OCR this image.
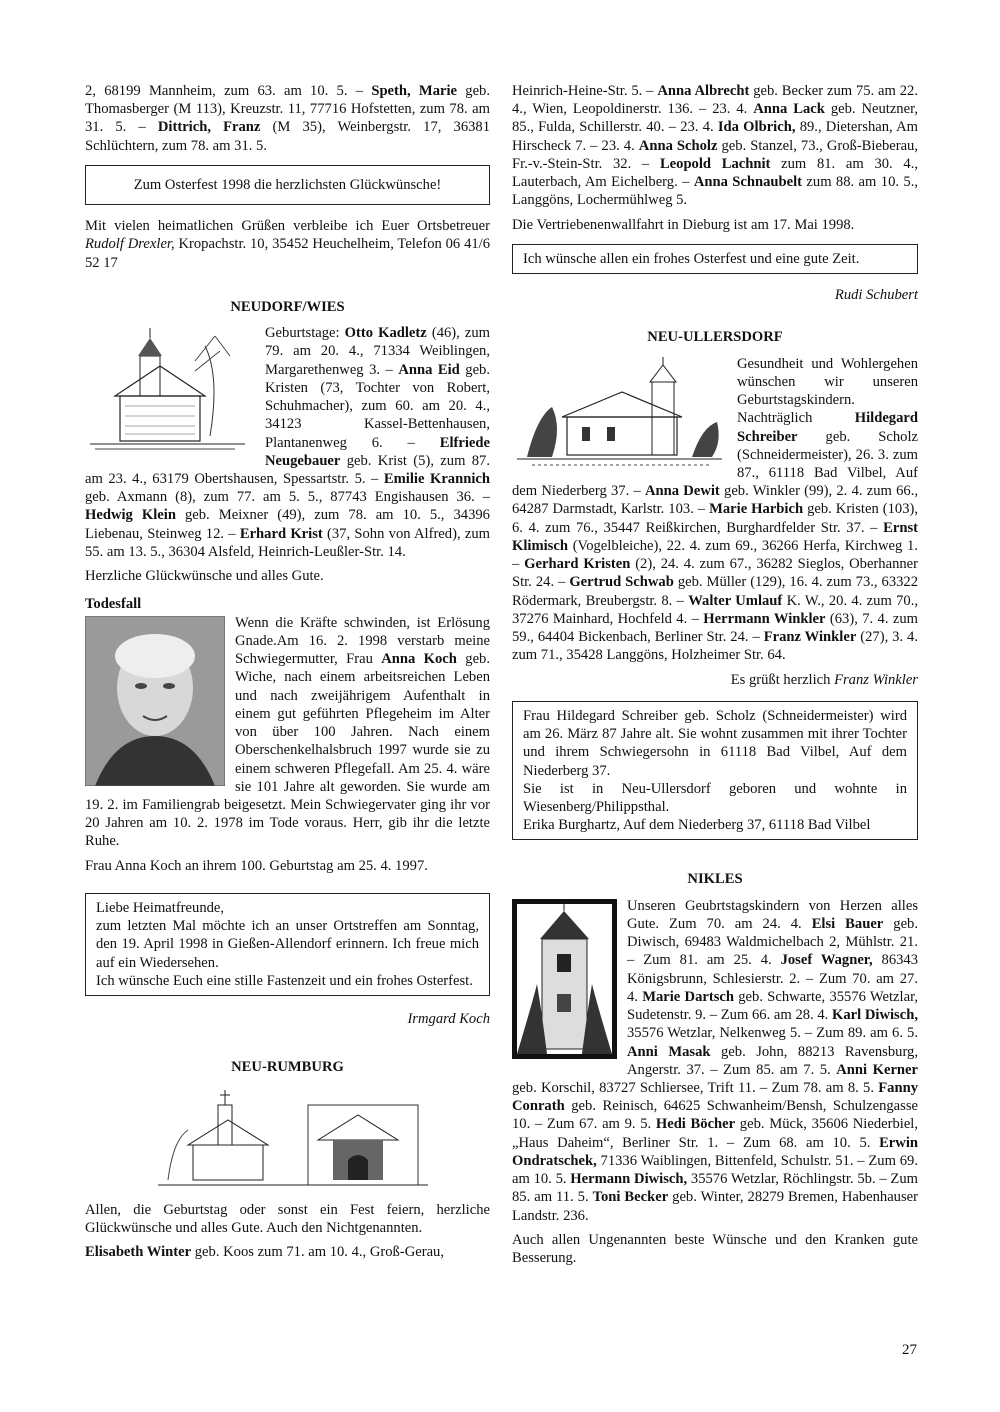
2, 68199 Mannheim, zum 63. am 10. 5. – Speth, Marie geb. Thomasberger (M 113), Kreuzstr. 11, 77716 Hofstetten, zum 78. am 31. 5. – Dittrich, Franz (M 35), Weinbergstr. 17, 36381 Schlüchtern, zum 78. am 31. 5.

Zum Osterfest 1998 die herzlichsten Glückwünsche!

Mit vielen heimatlichen Grüßen verbleibe ich Euer Ortsbetreuer Rudolf Drexler, Kropachstr. 10, 35452 Heuchelheim, Telefon 06 41/6 52 17

NEUDORF/WIES

Geburtstage: Otto Kadletz (46), zum 79. am 20. 4., 71334 Weiblingen, Margarethenweg 3. – Anna Eid geb. Kristen (73, Tochter von Robert, Schuhmacher), zum 60. am 20. 4., 34123 Kassel-Bettenhausen, Plantanenweg 6. – Elfriede Neugebauer geb. Krist (5), zum 87. am 23. 4., 63179 Obertshausen, Spessartstr. 5. – Emilie Krannich geb. Axmann (8), zum 77. am 5. 5., 87743 Engishausen 36. – Hedwig Klein geb. Meixner (49), zum 78. am 10. 5., 34396 Liebenau, Steinweg 12. – Erhard Krist (37, Sohn von Alfred), zum 55. am 13. 5., 36304 Alsfeld, Heinrich-Leußler-Str. 14.

Herzliche Glückwünsche und alles Gute.

Todesfall

Wenn die Kräfte schwinden, ist Erlösung Gnade.Am 16. 2. 1998 verstarb meine Schwiegermutter, Frau Anna Koch geb. Wiche, nach einem arbeitsreichen Leben und nach zweijährigem Aufenthalt in einem gut geführten Pflegeheim im Alter von über 100 Jahren. Nach einem Oberschenkelhalsbruch 1997 wurde sie zu einem schweren Pflegefall. Am 25. 4. wäre sie 101 Jahre alt geworden. Sie wurde am 19. 2. im Familiengrab beigesetzt. Mein Schwiegervater ging ihr vor 20 Jahren am 10. 2. 1978 im Tode voraus. Herr, gib ihr die letzte Ruhe.

Frau Anna Koch an ihrem 100. Geburtstag am 25. 4. 1997.

Liebe Heimatfreunde,
zum letzten Mal möchte ich an unser Ortstreffen am Sonntag, den 19. April 1998 in Gießen-Allendorf erinnern. Ich freue mich auf ein Wiedersehen.
Ich wünsche Euch eine stille Fastenzeit und ein frohes Osterfest.
Irmgard Koch
NEU-RUMBURG

Allen, die Geburtstag oder sonst ein Fest feiern, herzliche Glückwünsche und alles Gute. Auch den Nichtgenannten.

Elisabeth Winter geb. Koos zum 71. am 10. 4., Groß-Gerau,

Heinrich-Heine-Str. 5. – Anna Albrecht geb. Becker zum 75. am 22. 4., Wien, Leopoldinerstr. 136. – 23. 4. Anna Lack geb. Neutzner, 85., Fulda, Schillerstr. 40. – 23. 4. Ida Olbrich, 89., Dietershan, Am Hirscheck 7. – 23. 4. Anna Scholz geb. Stanzel, 73., Groß-Bieberau, Fr.-v.-Stein-Str. 32. – Leopold Lachnit zum 81. am 30. 4., Lauterbach, Am Eichelberg. – Anna Schnaubelt zum 88. am 10. 5., Langgöns, Lochermühlweg 5.

Die Vertriebenenwallfahrt in Dieburg ist am 17. Mai 1998.

Ich wünsche allen ein frohes Osterfest und eine gute Zeit.
Rudi Schubert
NEU-ULLERSDORF

Gesundheit und Wohlergehen wünschen wir unseren Geburtstagskindern. Nachträglich Hildegard Schreiber geb. Scholz (Schneidermeister), 26. 3. zum 87., 61118 Bad Vilbel, Auf dem Niederberg 37. – Anna Dewit geb. Winkler (99), 2. 4. zum 66., 64287 Darmstadt, Karlstr. 103. – Marie Harbich geb. Kristen (103), 6. 4. zum 76., 35447 Reißkirchen, Burghardfelder Str. 37. – Ernst Klimisch (Vogelbleiche), 22. 4. zum 69., 36266 Herfa, Kirchweg 1. – Gerhard Kristen (2), 24. 4. zum 67., 36282 Sieglos, Oberhanner Str. 24. – Gertrud Schwab geb. Müller (129), 16. 4. zum 73., 63322 Rödermark, Breubergstr. 8. – Walter Umlauf K. W., 20. 4. zum 70., 37276 Mainhard, Hochfeld 4. – Herrmann Winkler (63), 7. 4. zum 59., 64404 Bickenbach, Berliner Str. 24. – Franz Winkler (27), 3. 4. zum 71., 35428 Langgöns, Holzheimer Str. 64.

Es grüßt herzlich Franz Winkler
Frau Hildegard Schreiber geb. Scholz (Schneidermeister) wird am 26. März 87 Jahre alt. Sie wohnt zusammen mit ihrer Tochter und ihrem Schwiegersohn in 61118 Bad Vilbel, Auf dem Niederberg 37.
Sie ist in Neu-Ullersdorf geboren und wohnte in Wiesenberg/Philippsthal.
Erika Burghartz, Auf dem Niederberg 37, 61118 Bad Vilbel
NIKLES

Unseren Geubrtstagskindern von Herzen alles Gute. Zum 70. am 24. 4. Elsi Bauer geb. Diwisch, 69483 Waldmichelbach 2, Mühlstr. 21. – Zum 81. am 25. 4. Josef Wagner, 86343 Königsbrunn, Schlesierstr. 2. – Zum 70. am 27. 4. Marie Dartsch geb. Schwarte, 35576 Wetzlar, Sudetenstr. 9. – Zum 66. am 28. 4. Karl Diwisch, 35576 Wetzlar, Nelkenweg 5. – Zum 89. am 6. 5. Anni Masak geb. John, 88213 Ravensburg, Angerstr. 37. – Zum 85. am 7. 5. Anni Kerner geb. Korschil, 83727 Schliersee, Trift 11. – Zum 78. am 8. 5. Fanny Conrath geb. Reinisch, 64625 Schwanheim/Bensh, Schulzengasse 10. – Zum 67. am 9. 5. Hedi Böcher geb. Mück, 35606 Niederbiel, „Haus Daheim“, Berliner Str. 1. – Zum 68. am 10. 5. Erwin Ondratschek, 71336 Waiblingen, Bittenfeld, Schulstr. 51. – Zum 69. am 10. 5. Hermann Diwisch, 35576 Wetzlar, Röchlingstr. 5b. – Zum 85. am 11. 5. Toni Becker geb. Winter, 28279 Bremen, Habenhauser Landstr. 236.

Auch allen Ungenannten beste Wünsche und den Kranken gute Besserung.

27
